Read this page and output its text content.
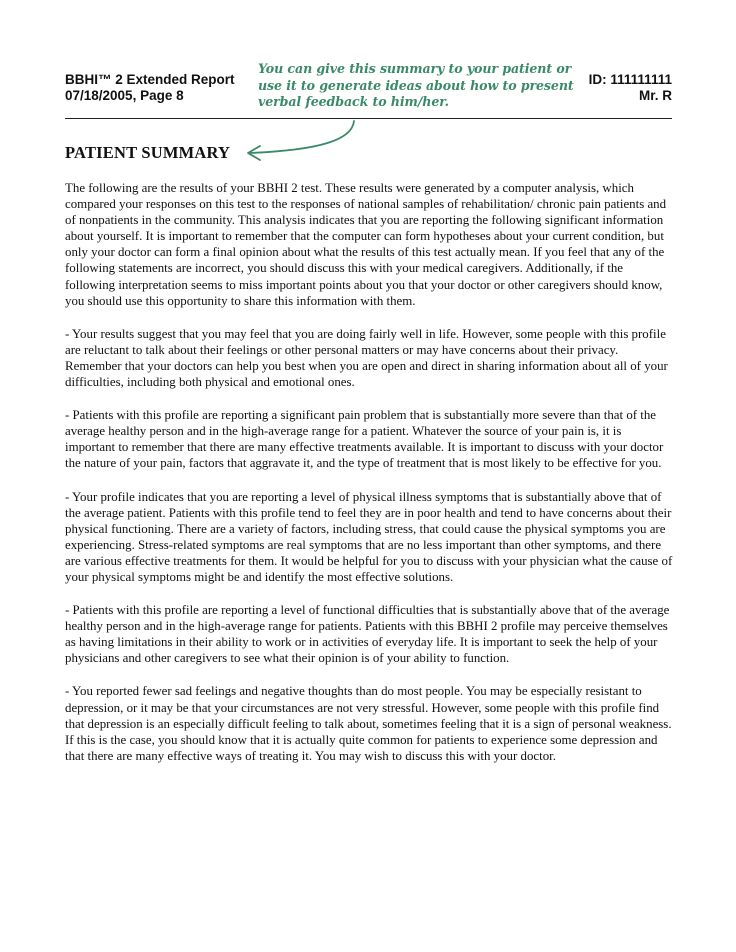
BBHI™ 2 Extended Report
07/18/2005, Page 8
You can give this summary to your patient or use it to generate ideas about how to present verbal feedback to him/her.
ID: 111111111
Mr. R
PATIENT SUMMARY

The following are the results of your BBHI 2 test. These results were generated by a computer analysis, which compared your responses on this test to the responses of national samples of rehabilitation/ chronic pain patients and of nonpatients in the community. This analysis indicates that you are reporting the following significant information about yourself. It is important to remember that the computer can form hypotheses about your current condition, but only your doctor can form a final opinion about what the results of this test actually mean. If you feel that any of the following statements are incorrect, you should discuss this with your medical caregivers. Additionally, if the following interpretation seems to miss important points about you that your doctor or other caregivers should know, you should use this opportunity to share this information with them.

- Your results suggest that you may feel that you are doing fairly well in life. However, some people with this profile are reluctant to talk about their feelings or other personal matters or may have concerns about their privacy. Remember that your doctors can help you best when you are open and direct in sharing information about all of your difficulties, including both physical and emotional ones.

- Patients with this profile are reporting a significant pain problem that is substantially more severe than that of the average healthy person and in the high-average range for a patient. Whatever the source of your pain is, it is important to remember that there are many effective treatments available. It is important to discuss with your doctor the nature of your pain, factors that aggravate it, and the type of treatment that is most likely to be effective for you.

- Your profile indicates that you are reporting a level of physical illness symptoms that is substantially above that of the average patient. Patients with this profile tend to feel they are in poor health and tend to have concerns about their physical functioning. There are a variety of factors, including stress, that could cause the physical symptoms you are experiencing. Stress-related symptoms are real symptoms that are no less important than other symptoms, and there are various effective treatments for them. It would be helpful for you to discuss with your physician what the cause of your physical symptoms might be and identify the most effective solutions.

- Patients with this profile are reporting a level of functional difficulties that is substantially above that of the average healthy person and in the high-average range for patients. Patients with this BBHI 2 profile may perceive themselves as having limitations in their ability to work or in activities of everyday life. It is important to seek the help of your physicians and other caregivers to see what their opinion is of your ability to function.

- You reported fewer sad feelings and negative thoughts than do most people. You may be especially resistant to depression, or it may be that your circumstances are not very stressful. However, some people with this profile find that depression is an especially difficult feeling to talk about, sometimes feeling that it is a sign of personal weakness. If this is the case, you should know that it is actually quite common for patients to experience some depression and that there are many effective ways of treating it. You may wish to discuss this with your doctor.
